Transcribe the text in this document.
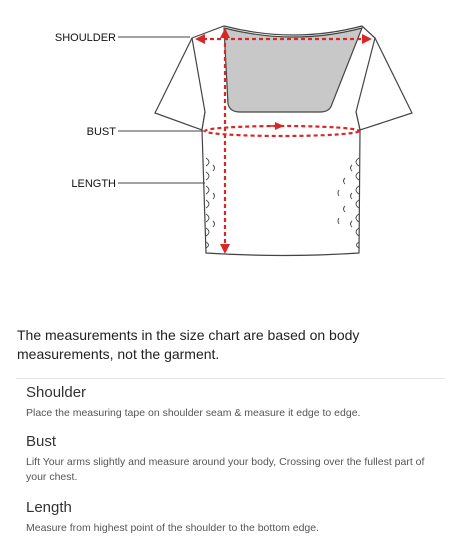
SHOULDER
BUST
LENGTH

The measurements in the size chart are based on body measurements, not the garment.

Shoulder

Place the measuring tape on shoulder seam & measure it edge to edge.

Bust

Lift Your arms slightly and measure around your body, Crossing over the fullest part of your chest.

Length

Measure from highest point of the shoulder to the bottom edge.
